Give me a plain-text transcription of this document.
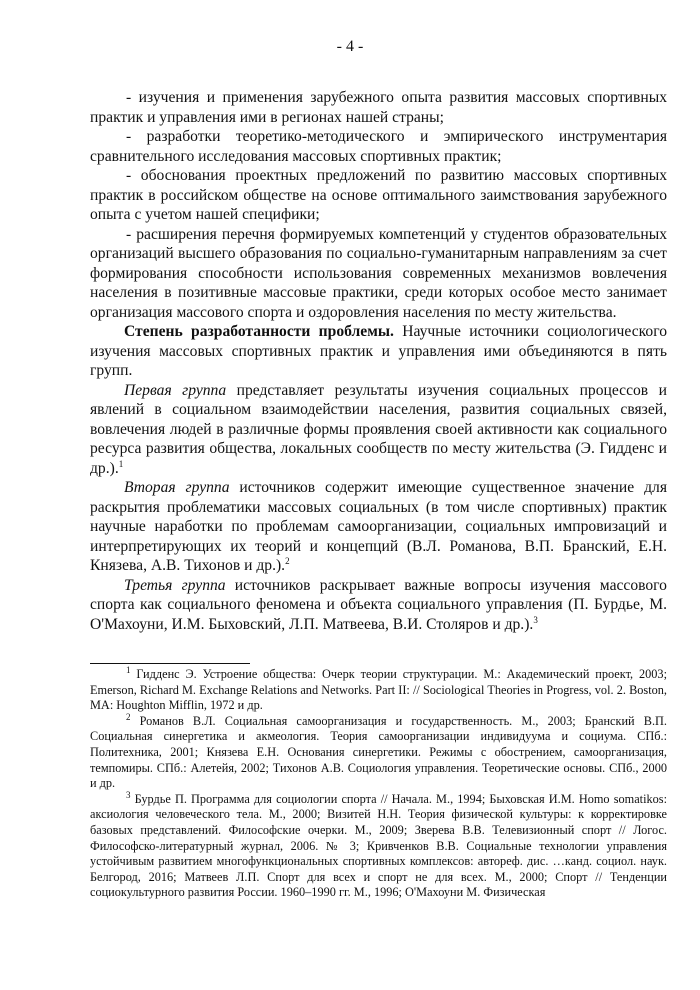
- 4 -

- изучения и применения зарубежного опыта развития массовых спортивных практик и управления ими в регионах нашей страны;

- разработки теоретико-методического и эмпирического инструментария сравнительного исследования массовых спортивных практик;

- обоснования проектных предложений по развитию массовых спортивных практик в российском обществе на основе оптимального заимствования зарубежного опыта с учетом нашей специфики;

- расширения перечня формируемых компетенций у студентов образовательных организаций высшего образования по социально-гуманитарным направлениям за счет формирования способности использования современных механизмов вовлечения населения в позитивные массовые практики, среди которых особое место занимает организация массового спорта и оздоровления населения по месту жительства.

Степень разработанности проблемы. Научные источники социологического изучения массовых спортивных практик и управления ими объединяются в пять групп.

Первая группа представляет результаты изучения социальных процессов и явлений в социальном взаимодействии населения, развития социальных связей, вовлечения людей в различные формы проявления своей активности как социального ресурса развития общества, локальных сообществ по месту жительства (Э. Гидденс и др.).$^1$

Вторая группа источников содержит имеющие существенное значение для раскрытия проблематики массовых социальных (в том числе спортивных) практик научные наработки по проблемам самоорганизации, социальных импровизаций и интерпретирующих их теорий и концепций (В.Л. Романова, В.П. Бранский, Е.Н. Князева, А.В. Тихонов и др.).$^2$

Третья группа источников раскрывает важные вопросы изучения массового спорта как социального феномена и объекта социального управления (П. Бурдье, М. О'Махоуни, И.М. Быховский, Л.П. Матвеева, В.И. Столяров и др.).$^3$

$^1$ Гидденс Э. Устроение общества: Очерк теории структурации. М.: Академический проект, 2003; Emerson, Richard M. Exchange Relations and Networks. Part II: // Sociological Theories in Progress, vol. 2. Boston, MA: Houghton Mifflin, 1972 и др.

$^2$ Романов В.Л. Социальная самоорганизация и государственность. М., 2003; Бранский В.П. Социальная синергетика и акмеология. Теория самоорганизации индивидуума и социума. СПб.: Политехника, 2001; Князева Е.Н. Основания синергетики. Режимы с обострением, самоорганизация, темпомиры. СПб.: Алетейя, 2002; Тихонов А.В. Социология управления. Теоретические основы. СПб., 2000 и др.

$^3$ Бурдье П. Программа для социологии спорта // Начала. М., 1994; Быховская И.М. Homo somatikos: аксиология человеческого тела. М., 2000; Визитей Н.Н. Теория физической культуры: к корректировке базовых представлений. Философские очерки. М., 2009; Зверева В.В. Телевизионный спорт // Логос. Философско-литературный журнал, 2006. № 3; Кривченков В.В. Социальные технологии управления устойчивым развитием многофункциональных спортивных комплексов: автореф. дис. …канд. социол. наук. Белгород, 2016; Матвеев Л.П. Спорт для всех и спорт не для всех. М., 2000; Спорт // Тенденции социокультурного развития России. 1960–1990 гг. М., 1996; О'Махоуни М. Физическая
